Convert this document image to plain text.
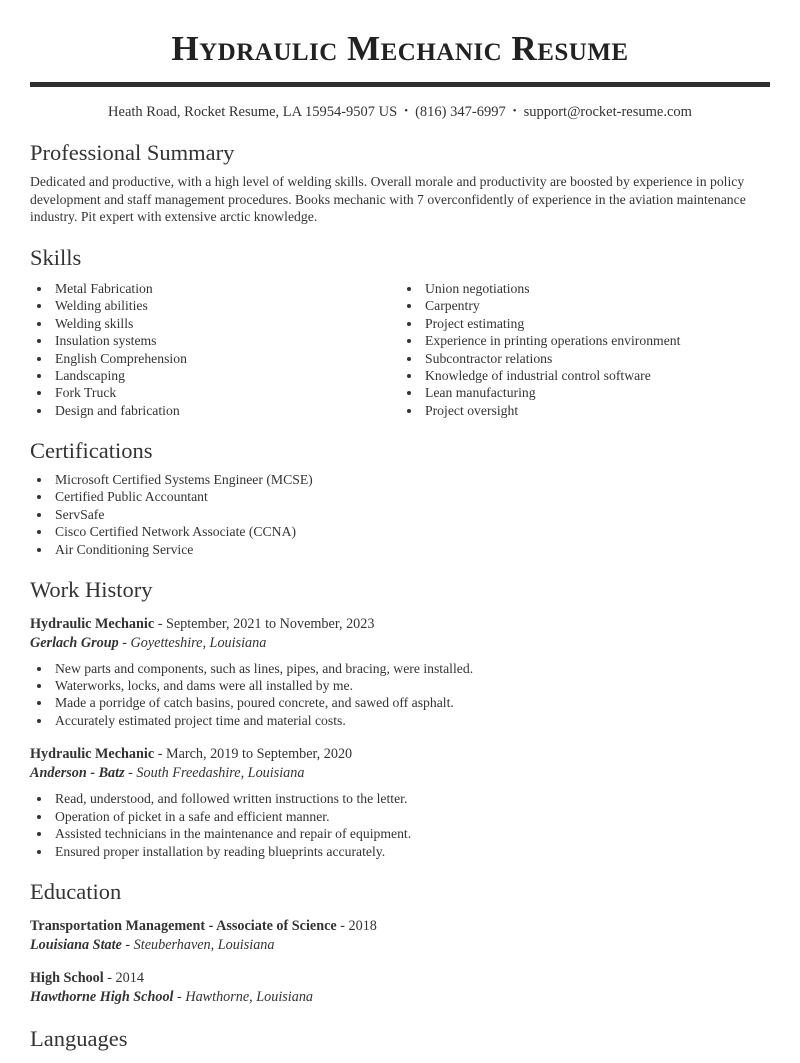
Hydraulic Mechanic Resume

Heath Road, Rocket Resume, LA 15954-9507 US • (816) 347-6997 • support@rocket-resume.com

Professional Summary

Dedicated and productive, with a high level of welding skills. Overall morale and productivity are boosted by experience in policy development and staff management procedures. Books mechanic with 7 overconfidently of experience in the aviation maintenance industry. Pit expert with extensive arctic knowledge.

Skills
• Metal Fabrication
• Welding abilities
• Welding skills
• Insulation systems
• English Comprehension
• Landscaping
• Fork Truck
• Design and fabrication
• Union negotiations
• Carpentry
• Project estimating
• Experience in printing operations environment
• Subcontractor relations
• Knowledge of industrial control software
• Lean manufacturing
• Project oversight
Certifications
• Microsoft Certified Systems Engineer (MCSE)
• Certified Public Accountant
• ServSafe
• Cisco Certified Network Associate (CCNA)
• Air Conditioning Service
Work History

Hydraulic Mechanic - September, 2021 to November, 2023

Gerlach Group - Goyetteshire, Louisiana

• New parts and components, such as lines, pipes, and bracing, were installed.
• Waterworks, locks, and dams were all installed by me.
• Made a porridge of catch basins, poured concrete, and sawed off asphalt.
• Accurately estimated project time and material costs.

Hydraulic Mechanic - March, 2019 to September, 2020

Anderson - Batz - South Freedashire, Louisiana

• Read, understood, and followed written instructions to the letter.
• Operation of picket in a safe and efficient manner.
• Assisted technicians in the maintenance and repair of equipment.
• Ensured proper installation by reading blueprints accurately.
Education

Transportation Management - Associate of Science - 2018

Louisiana State - Steuberhaven, Louisiana

High School - 2014

Hawthorne High School - Hawthorne, Louisiana

Languages
